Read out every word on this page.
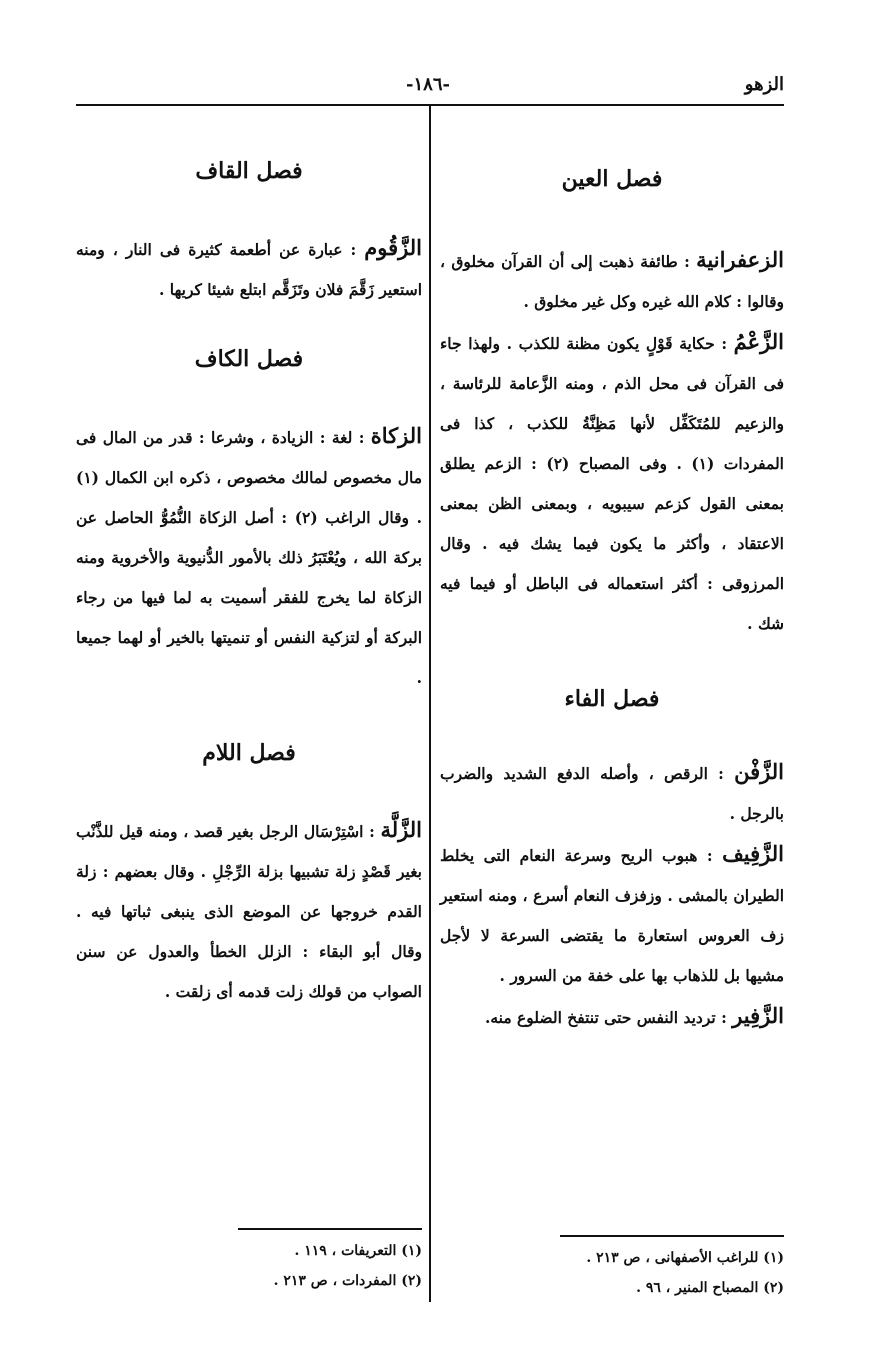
الزهو
-١٨٦-
فصل العين

الزعفرانية : طائفة ذهبت إلى أن القرآن مخلوق ، وقالوا : كلام الله غيره وكل غير مخلوق .

الزَّعْمُ : حكاية قَوْلٍ يكون مظنة للكذب . ولهذا جاء فى القرآن فى محل الذم ، ومنه الزَّعامة للرئاسة ، والزعيم للمُتَكَفِّل لأنها مَظِنَّةُ للكذب ، كذا فى المفردات (١) . وفى المصباح (٢) : الزعم يطلق بمعنى القول كزعم سيبويه ، وبمعنى الظن بمعنى الاعتقاد ، وأكثر ما يكون فيما يشك فيه . وقال المرزوقى : أكثر استعماله فى الباطل أو فيما فيه شك .

فصل الفاء

الزَّفْن : الرقص ، وأصله الدفع الشديد والضرب بالرجل .

الزَّفِيف : هبوب الريح وسرعة النعام التى يخلط الطيران بالمشى . وزفزف النعام أسرع ، ومنه استعير زف العروس استعارة ما يقتضى السرعة لا لأجل مشيها بل للذهاب بها على خفة من السرور .

الزَّفِير : ترديد النفس حتى تنتفخ الضلوع منه.

(١) للراغب الأصفهانى ، ص ٢١٣ .
(٢) المصباح المنير ، ٩٦ .
فصل القاف

الزَّقُوم : عبارة عن أطعمة كثيرة فى النار ، ومنه استعير زَقَّمَ فلان وتَزَقَّم ابتلع شيئا كريها .

فصل الكاف

الزكاة : لغة : الزيادة ، وشرعا : قدر من المال فى مال مخصوص لمالك مخصوص ، ذكره ابن الكمال (١) . وقال الراغب (٢) : أصل الزكاة النُّمُوُّ الحاصل عن بركة الله ، ويُعْتَبَرُ ذلك بالأمور الدُّنيوية والأخروية ومنه الزكاة لما يخرج للفقر أسميت به لما فيها من رجاء البركة أو لتزكية النفس أو تنميتها بالخير أو لهما جميعا .

فصل اللام

الزَّلَّة : اسْتِرْسَال الرجل بغير قصد ، ومنه قيل للذَّنْب بغير قَصْدٍ زلة تشبيها بزلة الرِّجْلِ . وقال بعضهم : زلة القدم خروجها عن الموضع الذى ينبغى ثباتها فيه . وقال أبو البقاء : الزلل الخطأ والعدول عن سنن الصواب من قولك زلت قدمه أى زلقت .

(١) التعريفات ، ١١٩ .
(٢) المفردات ، ص ٢١٣ .
